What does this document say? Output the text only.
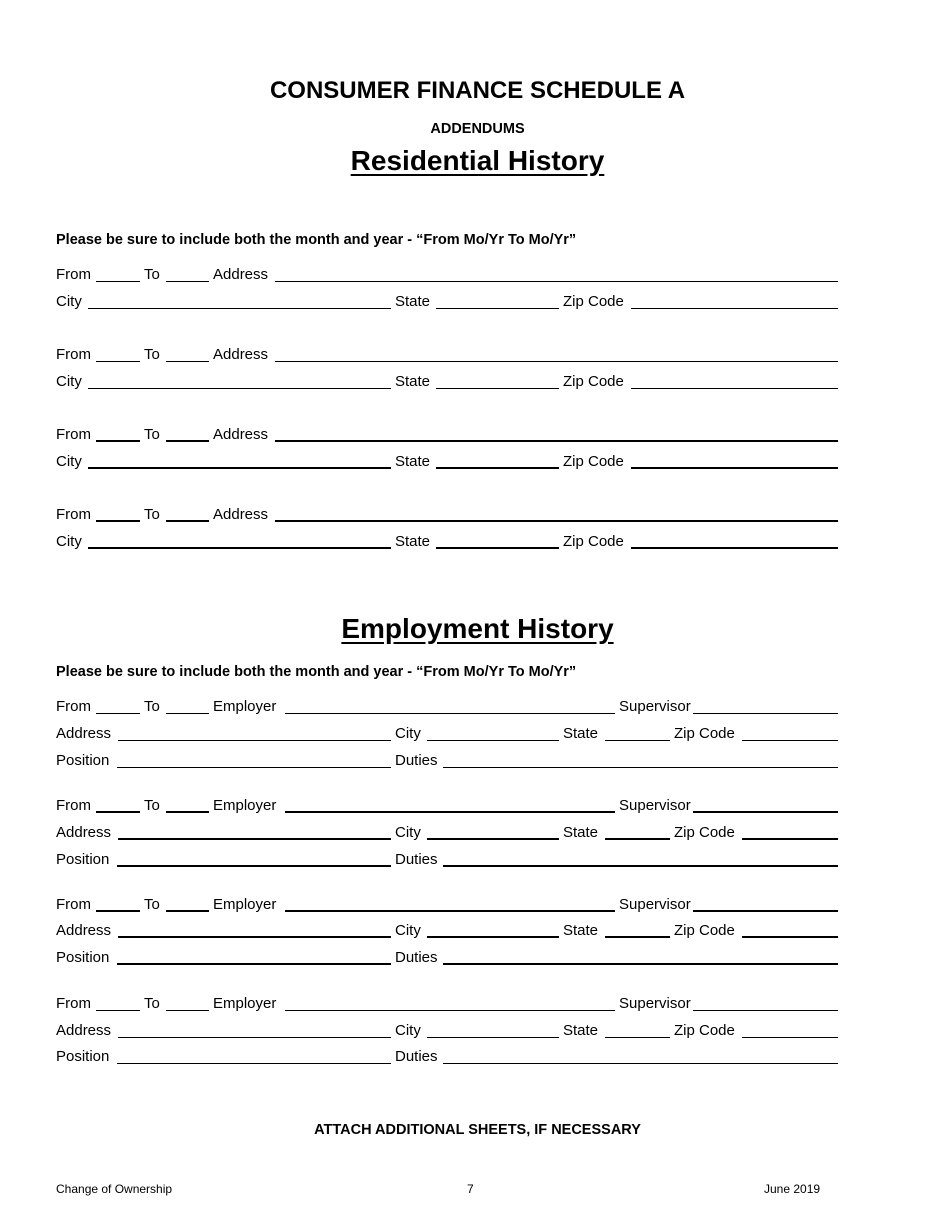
CONSUMER FINANCE SCHEDULE A
ADDENDUMS
Residential History
Please be sure to include both the month and year - “From Mo/Yr To Mo/Yr”
From	To	Address
City	State	Zip Code
From	To	Address
City	State	Zip Code
From	To	Address
City	State	Zip Code
From	To	Address
City	State	Zip Code
Employment History
Please be sure to include both the month and year - “From Mo/Yr To Mo/Yr”
From	To	Employer	Supervisor
Address	City	State	Zip Code
Position	Duties
From	To	Employer	Supervisor
Address	City	State	Zip Code
Position	Duties
From	To	Employer	Supervisor
Address	City	State	Zip Code
Position	Duties
From	To	Employer	Supervisor
Address	City	State	Zip Code
Position	Duties
ATTACH ADDITIONAL SHEETS, IF NECESSARY
Change of Ownership	7	June 2019
